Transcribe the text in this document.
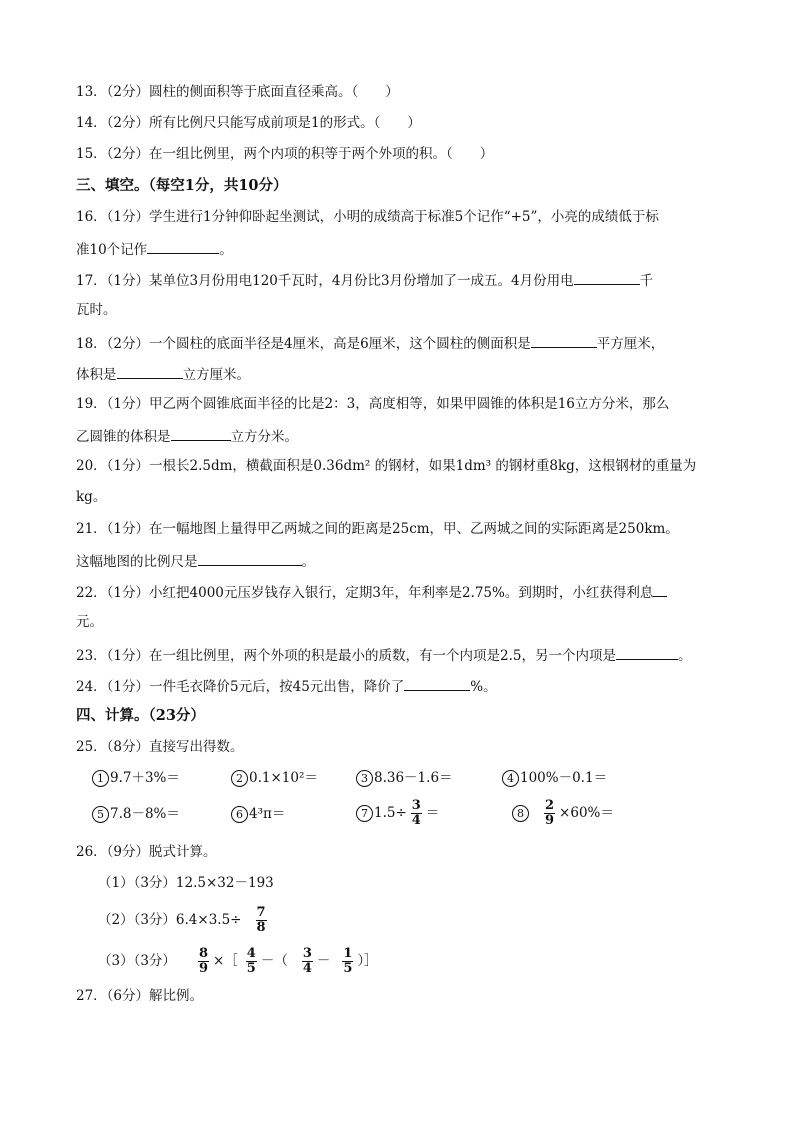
13．（2分）圆柱的侧面积等于底面直径乘高。（　　）
14．（2分）所有比例尺只能写成前项是1的形式。（　　）
15．（2分）在一组比例里，两个内项的积等于两个外项的积。（　　）
三、填空。（每空1分，共10分）
16．（1分）学生进行1分钟仰卧起坐测试，小明的成绩高于标准5个记作“+5”，小亮的成绩低于标
准10个记作	。
17．（1分）某单位3月份用电120千瓦时，4月份比3月份增加了一成五。4月份用电	千
瓦时。
18．（2分）一个圆柱的底面半径是4厘米，高是6厘米，这个圆柱的侧面积是	平方厘米，
体积是	立方厘米。
19．（1分）甲乙两个圆锥底面半径的比是2：3，高度相等，如果甲圆锥的体积是16立方分米，那么
乙圆锥的体积是	立方分米。
20．（1分）一根长2.5dm，横截面积是0.36dm² 的钢材，如果1dm³ 的钢材重8kg，这根钢材的重量为
kg。
21．（1分）在一幅地图上量得甲乙两城之间的距离是25cm，甲、乙两城之间的实际距离是250km。
这幅地图的比例尺是	。
22．（1分）小红把4000元压岁钱存入银行，定期3年，年利率是2.75%。到期时，小红获得利息
元。
23．（1分）在一组比例里，两个外项的积是最小的质数，有一个内项是2.5，另一个内项是	。
24．（1分）一件毛衣降价5元后，按45元出售，降价了	%。
四、计算。（23分）
25．（8分）直接写出得数。
1 9.7＋3%＝	2 0.1×10²＝	3 8.36－1.6＝	4 100%－0.1＝
5 7.8－8%＝	6 4³π＝	7 $1.5\div \frac{3}{4}$ ＝	$8 \frac{2}{9} \times 60\%=$
26．（9分）脱式计算。
（1）（3分）12.5×32－193
（2）（3分）$6.4\times 3.5\div \frac{7}{8}$
（3）（3分） $\frac{8}{9}$ ×［ $\frac{4}{5}$ －（ $\frac{3}{4} - \frac{1}{5}$ ）］
27．（6分）解比例。
